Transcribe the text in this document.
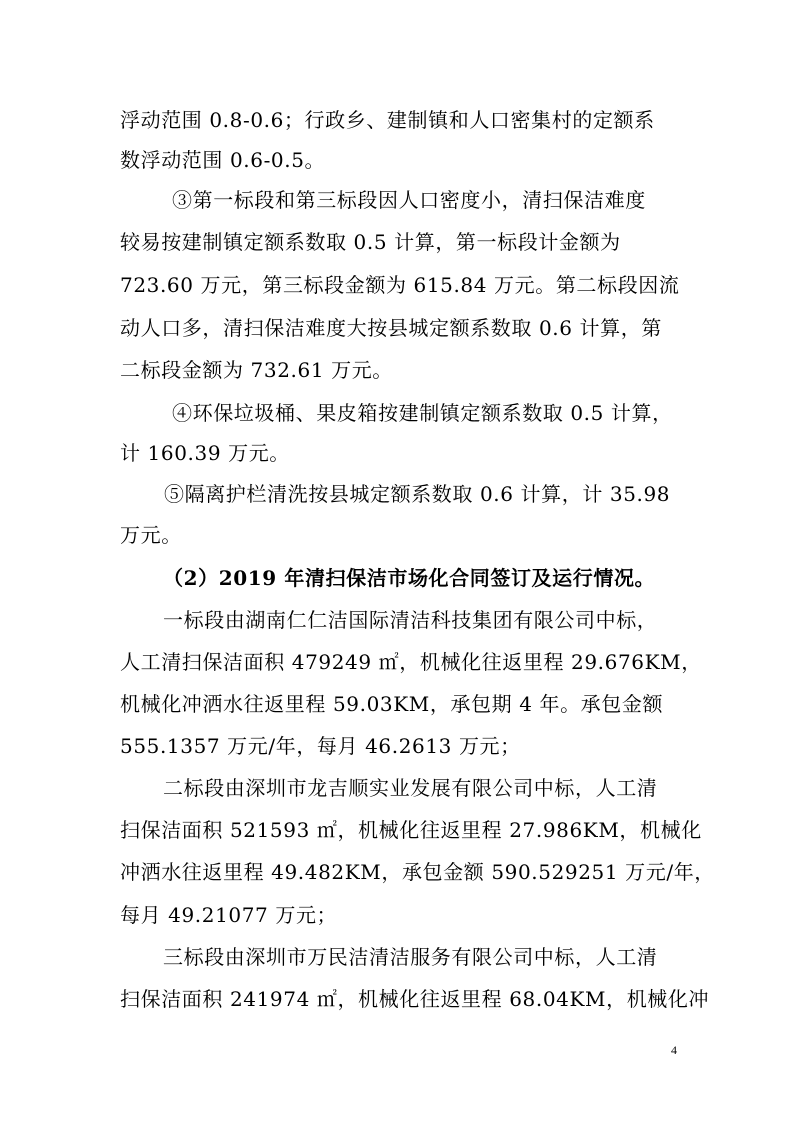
浮动范围 0.8-0.6；行政乡、建制镇和人口密集村的定额系
数浮动范围 0.6-0.5。
③第一标段和第三标段因人口密度小，清扫保洁难度
较易按建制镇定额系数取 0.5 计算，第一标段计金额为
723.60 万元，第三标段金额为 615.84 万元。第二标段因流
动人口多，清扫保洁难度大按县城定额系数取 0.6 计算，第
二标段金额为 732.61 万元。
④环保垃圾桶、果皮箱按建制镇定额系数取 0.5 计算，
计 160.39 万元。
⑤隔离护栏清洗按县城定额系数取 0.6 计算，计 35.98
万元。
（2）2019 年清扫保洁市场化合同签订及运行情况。
一标段由湖南仁仁洁国际清洁科技集团有限公司中标，
人工清扫保洁面积 479249 ㎡，机械化往返里程 29.676KM，
机械化冲洒水往返里程 59.03KM，承包期 4 年。承包金额
555.1357 万元/年，每月 46.2613 万元；
二标段由深圳市龙吉顺实业发展有限公司中标，人工清
扫保洁面积 521593 ㎡，机械化往返里程 27.986KM，机械化
冲洒水往返里程 49.482KM，承包金额 590.529251 万元/年，
每月 49.21077 万元；
三标段由深圳市万民洁清洁服务有限公司中标，人工清
扫保洁面积 241974 ㎡，机械化往返里程 68.04KM，机械化冲
4
